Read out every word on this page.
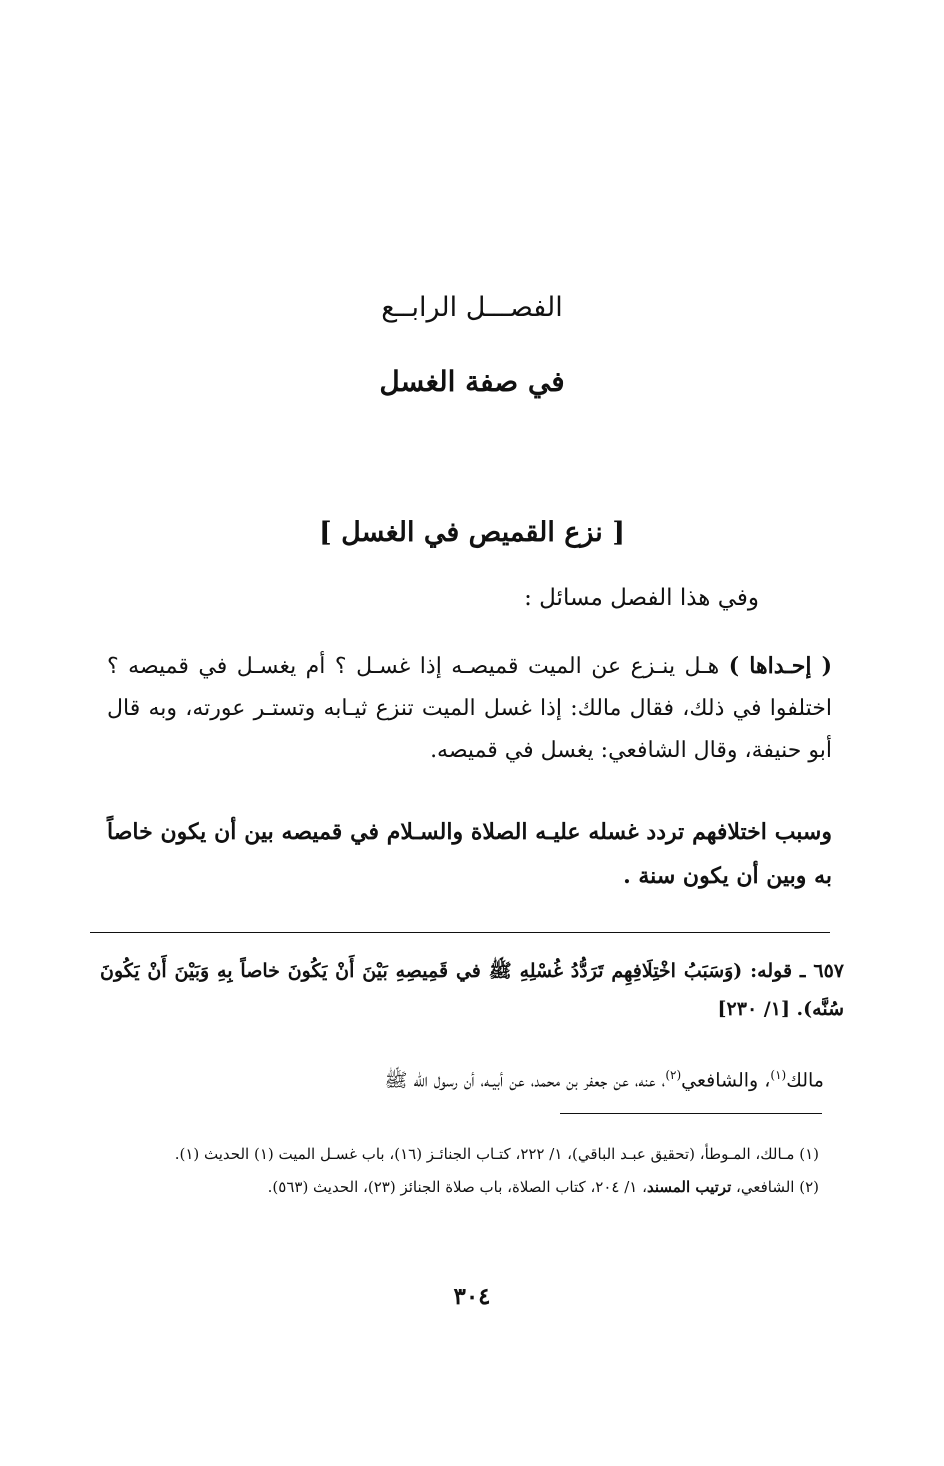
الفصـــل الرابــع
في صفة الغسل
[ نزع القميص في الغسل ]
وفي هذا الفصل مسائل :
( إحـداها ) هـل ينـزع عن الميت قميصـه إذا غسـل ؟ أم يغسـل في قميصه ؟ اختلفوا في ذلك، فقال مالك: إذا غسل الميت تنزع ثيـابه وتستـر عورته، وبه قال أبو حنيفة، وقال الشافعي: يغسل في قميصه.
وسبب اختلافهم تردد غسله عليـه الصلاة والسـلام في قميصه بين أن يكون خاصاً به وبين أن يكون سنة .
٦٥٧ ـ قوله: (وَسَبَبُ اخْتِلَافِهِم تَرَدُّدُ غُسْلِهِ ﷺ في قَمِيصِهِ بَيْنَ أَنْ يَكُونَ خاصاً بِهِ وَبَيْنَ أَنْ يَكُونَ سُنَّه). [١/ ٢٣٠]
مالك$^{(١)}$، والشافعي$^{(٢)}$، عنه، عن جعفر بن محمد، عن أبيـه، أن رسول الله ﷺ

(١) مـالك، المـوطأ، (تحقيق عبـد الباقي)، ١/ ٢٢٢، كتـاب الجنائـز (١٦)، باب غسـل الميت (١) الحديث (١).

(٢) الشافعي، ترتيب المسند، ١/ ٢٠٤، كتاب الصلاة، باب صلاة الجنائز (٢٣)، الحديث (٥٦٣).

٣٠٤
